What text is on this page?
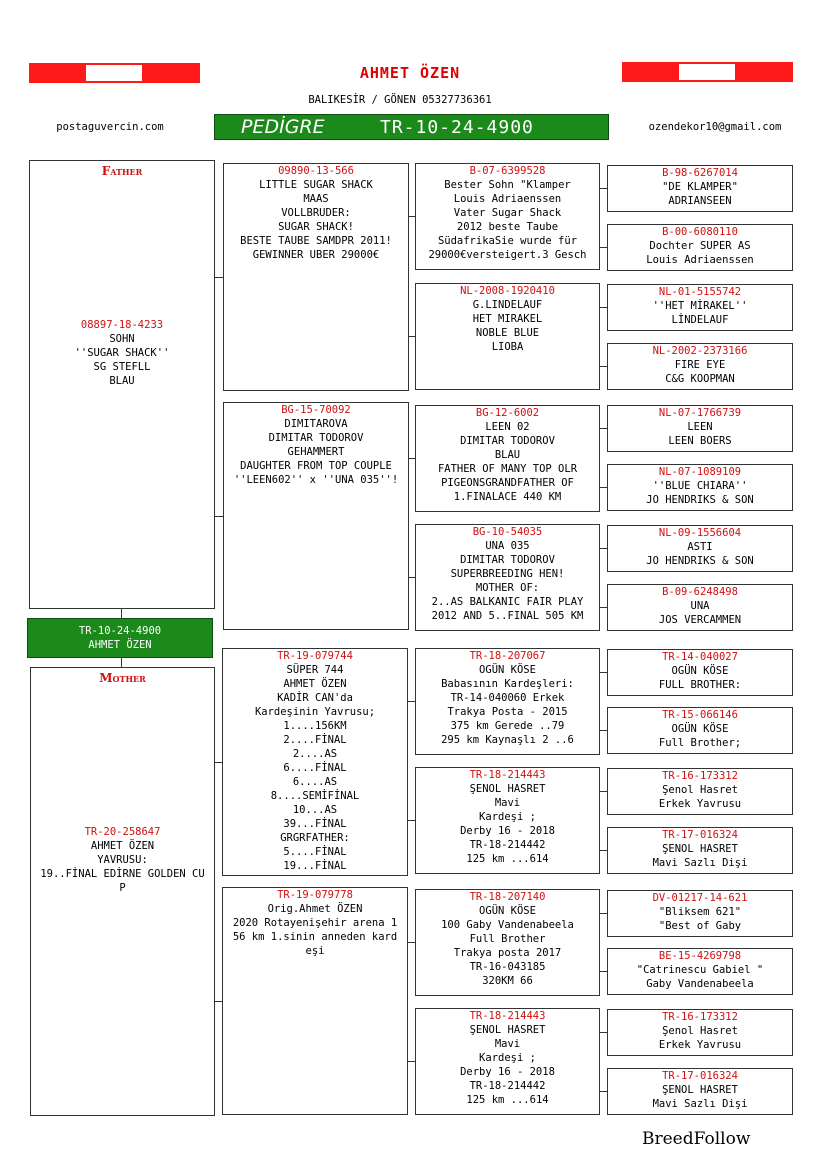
AHMET ÖZEN
BALIKESİR / GÖNEN 05327736361
postaguvercin.com	ozendekor10@gmail.com
PEDİGRE	TR-10-24-4900
Father
08897-18-4233
SOHN
''SUGAR SHACK''
SG STEFLL
BLAU
TR-10-24-4900
AHMET ÖZEN
Mother
TR-20-258647
AHMET ÖZEN
YAVRUSU:
19..FİNAL EDİRNE GOLDEN CU
P
09890-13-566
LITTLE SUGAR SHACK
MAAS
VOLLBRUDER:
SUGAR SHACK!
BESTE TAUBE SAMDPR 2011!
GEWINNER UBER 29000€
BG-15-70092
DIMITAROVA
DIMITAR TODOROV
GEHAMMERT
DAUGHTER FROM TOP COUPLE
''LEEN602'' x ''UNA 035''!
TR-19-079744
SÜPER 744
AHMET ÖZEN
KADİR CAN'da
Kardeşinin Yavrusu;
1....156KM
2....FİNAL
2....AS
6....FİNAL
6....AS
8....SEMİFİNAL
10...AS
39...FİNAL
GRGRFATHER:
5....FİNAL
19...FİNAL
TR-19-079778
Orig.Ahmet ÖZEN
2020 Rotayenişehir arena 1
56 km 1.sinin anneden kard
eşi
B-07-6399528
Bester Sohn "Klamper
Louis Adriaenssen
Vater Sugar Shack
2012 beste Taube
SüdafrikaSie wurde für
29000€versteigert.3 Gesch
NL-2008-1920410
G.LINDELAUF
HET MIRAKEL
NOBLE BLUE
LIOBA
BG-12-6002
LEEN 02
DIMITAR TODOROV
BLAU
FATHER OF MANY TOP OLR
PIGEONSGRANDFATHER OF
1.FINALACE 440 KM
BG-10-54035
UNA 035
DIMITAR TODOROV
SUPERBREEDING HEN!
MOTHER OF:
2..AS BALKANIC FAIR PLAY
2012 AND 5..FINAL 505 KM
TR-18-207067
OGÜN KÖSE
Babasının Kardeşleri:
TR-14-040060 Erkek
Trakya Posta - 2015
375 km Gerede ..79
295 km Kaynaşlı 2 ..6
TR-18-214443
ŞENOL HASRET
Mavi
Kardeşi ;
Derby 16 - 2018
TR-18-214442
125 km ...614
TR-18-207140
OGÜN KÖSE
100 Gaby Vandenabeela
Full Brother
Trakya posta 2017
TR-16-043185
320KM 66
TR-18-214443
ŞENOL HASRET
Mavi
Kardeşi ;
Derby 16 - 2018
TR-18-214442
125 km ...614
B-98-6267014
"DE KLAMPER"
ADRIANSEEN
B-00-6080110
Dochter SUPER AS
Louis Adriaenssen
NL-01-5155742
''HET MİRAKEL''
LİNDELAUF
NL-2002-2373166
FIRE EYE
C&G KOOPMAN
NL-07-1766739
LEEN
LEEN BOERS
NL-07-1089109
''BLUE CHIARA''
JO HENDRIKS & SON
NL-09-1556604
ASTI
JO HENDRIKS & SON
B-09-6248498
UNA
JOS VERCAMMEN
TR-14-040027
OGÜN KÖSE
FULL BROTHER:
TR-15-066146
OGÜN KÖSE
Full Brother;
TR-16-173312
Şenol Hasret
Erkek Yavrusu
TR-17-016324
ŞENOL HASRET
Mavi Sazlı Dişi
DV-01217-14-621
"Bliksem 621"
"Best of Gaby
BE-15-4269798
"Catrinescu Gabiel "
Gaby Vandenabeela
TR-16-173312
Şenol Hasret
Erkek Yavrusu
TR-17-016324
ŞENOL HASRET
Mavi Sazlı Dişi
BreedFollow
